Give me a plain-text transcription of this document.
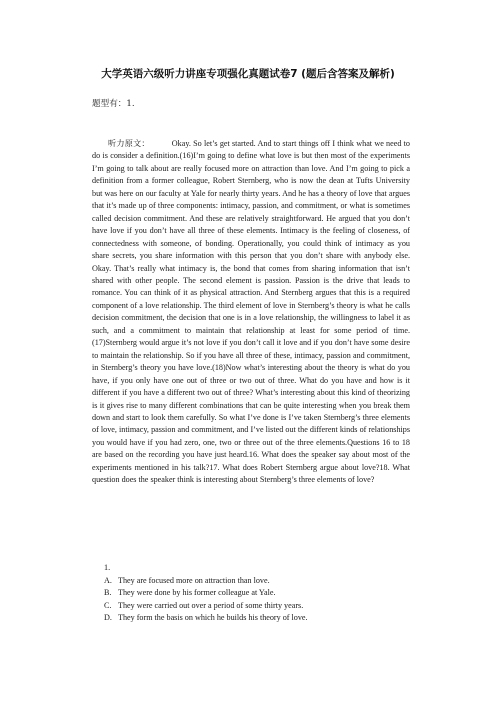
大学英语六级听力讲座专项强化真题试卷7 (题后含答案及解析)
题型有：1.

听力原文：	Okay. So let’s get started. And to start things off I think what we need to do is consider a definition.(16)I’m going to define what love is but then most of the experiments I’m going to talk about are really focused more on attraction than love. And I’m going to pick a definition from a former colleague, Robert Sternberg, who is now the dean at Tufts University but was here on our faculty at Yale for nearly thirty years. And he has a theory of love that argues that it’s made up of three components: intimacy, passion, and commitment, or what is sometimes called decision commitment. And these are relatively straightforward. He argued that you don’t have love if you don’t have all three of these elements. Intimacy is the feeling of closeness, of connectedness with someone, of bonding. Operationally, you could think of intimacy as you share secrets, you share information with this person that you don’t share with anybody else. Okay. That’s really what intimacy is, the bond that comes from sharing information that isn’t shared with other people. The second element is passion. Passion is the drive that leads to romance. You can think of it as physical attraction. And Sternberg argues that this is a required component of a love relationship. The third element of love in Sternberg’s theory is what he calls decision commitment, the decision that one is in a love relationship, the willingness to label it as such, and a commitment to maintain that relationship at least for some period of time.(17)Sternberg would argue it’s not love if you don’t call it love and if you don’t have some desire to maintain the relationship. So if you have all three of these, intimacy, passion and commitment, in Sternberg’s theory you have love.(18)Now what’s interesting about the theory is what do you have, if you only have one out of three or two out of three. What do you have and how is it different if you have a different two out of three? What’s interesting about this kind of theorizing is it gives rise to many different combinations that can be quite interesting when you break them down and start to look them carefully. So what I’ve done is I’ve taken Sternberg’s three elements of love, intimacy, passion and commitment, and I’ve listed out the different kinds of relationships you would have if you had zero, one, two or three out of the three elements.Questions 16 to 18 are based on the recording you have just heard.16. What does the speaker say about most of the experiments mentioned in his talk?17. What does Robert Sternberg argue about love?18. What question does the speaker think is interesting about Sternberg’s three elements of love?

1.
A. They are focused more on attraction than love.
B. They were done by his former colleague at Yale.
C. They were carried out over a period of some thirty years.
D. They form the basis on which he builds his theory of love.
